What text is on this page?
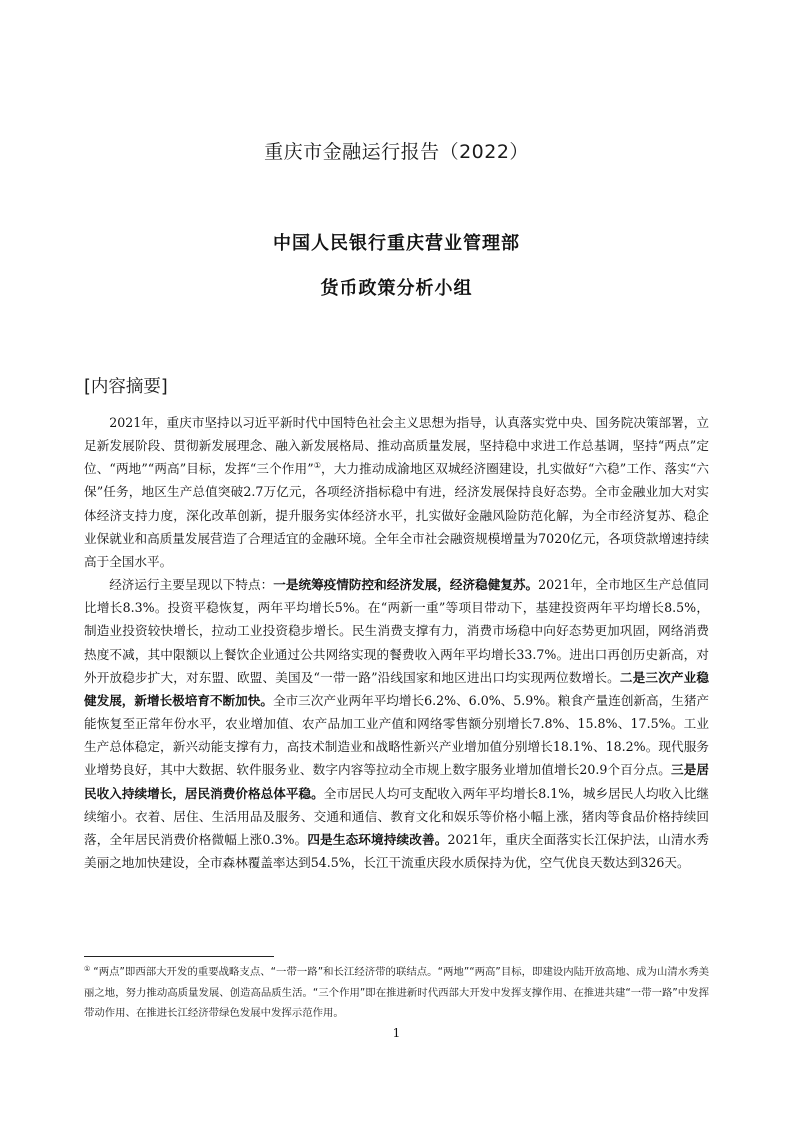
重庆市金融运行报告（2022）
中国人民银行重庆营业管理部
货币政策分析小组
[内容摘要]

2021年，重庆市坚持以习近平新时代中国特色社会主义思想为指导，认真落实党中央、国务院决策部署，立足新发展阶段、贯彻新发展理念、融入新发展格局、推动高质量发展，坚持稳中求进工作总基调，坚持“两点”定位、“两地”“两高”目标，发挥“三个作用”①，大力推动成渝地区双城经济圈建设，扎实做好“六稳”工作、落实“六保”任务，地区生产总值突破2.7万亿元，各项经济指标稳中有进，经济发展保持良好态势。全市金融业加大对实体经济支持力度，深化改革创新，提升服务实体经济水平，扎实做好金融风险防范化解，为全市经济复苏、稳企业保就业和高质量发展营造了合理适宜的金融环境。全年全市社会融资规模增量为7020亿元，各项贷款增速持续高于全国水平。

经济运行主要呈现以下特点：一是统筹疫情防控和经济发展，经济稳健复苏。2021年，全市地区生产总值同比增长8.3%。投资平稳恢复，两年平均增长5%。在“两新一重”等项目带动下，基建投资两年平均增长8.5%，制造业投资较快增长，拉动工业投资稳步增长。民生消费支撑有力，消费市场稳中向好态势更加巩固，网络消费热度不减，其中限额以上餐饮企业通过公共网络实现的餐费收入两年平均增长33.7%。进出口再创历史新高，对外开放稳步扩大，对东盟、欧盟、美国及“一带一路”沿线国家和地区进出口均实现两位数增长。二是三次产业稳健发展，新增长极培育不断加快。全市三次产业两年平均增长6.2%、6.0%、5.9%。粮食产量连创新高，生猪产能恢复至正常年份水平，农业增加值、农产品加工业产值和网络零售额分别增长7.8%、15.8%、17.5%。工业生产总体稳定，新兴动能支撑有力，高技术制造业和战略性新兴产业增加值分别增长18.1%、18.2%。现代服务业增势良好，其中大数据、软件服务业、数字内容等拉动全市规上数字服务业增加值增长20.9个百分点。三是居民收入持续增长，居民消费价格总体平稳。全市居民人均可支配收入两年平均增长8.1%，城乡居民人均收入比继续缩小。衣着、居住、生活用品及服务、交通和通信、教育文化和娱乐等价格小幅上涨，猪肉等食品价格持续回落，全年居民消费价格微幅上涨0.3%。四是生态环境持续改善。2021年，重庆全面落实长江保护法，山清水秀美丽之地加快建设，全市森林覆盖率达到54.5%，长江干流重庆段水质保持为优，空气优良天数达到326天。

① “两点”即西部大开发的重要战略支点、“一带一路”和长江经济带的联结点。“两地”“两高”目标，即建设内陆开放高地、成为山清水秀美丽之地，努力推动高质量发展、创造高品质生活。“三个作用”即在推进新时代西部大开发中发挥支撑作用、在推进共建“一带一路”中发挥带动作用、在推进长江经济带绿色发展中发挥示范作用。
1
